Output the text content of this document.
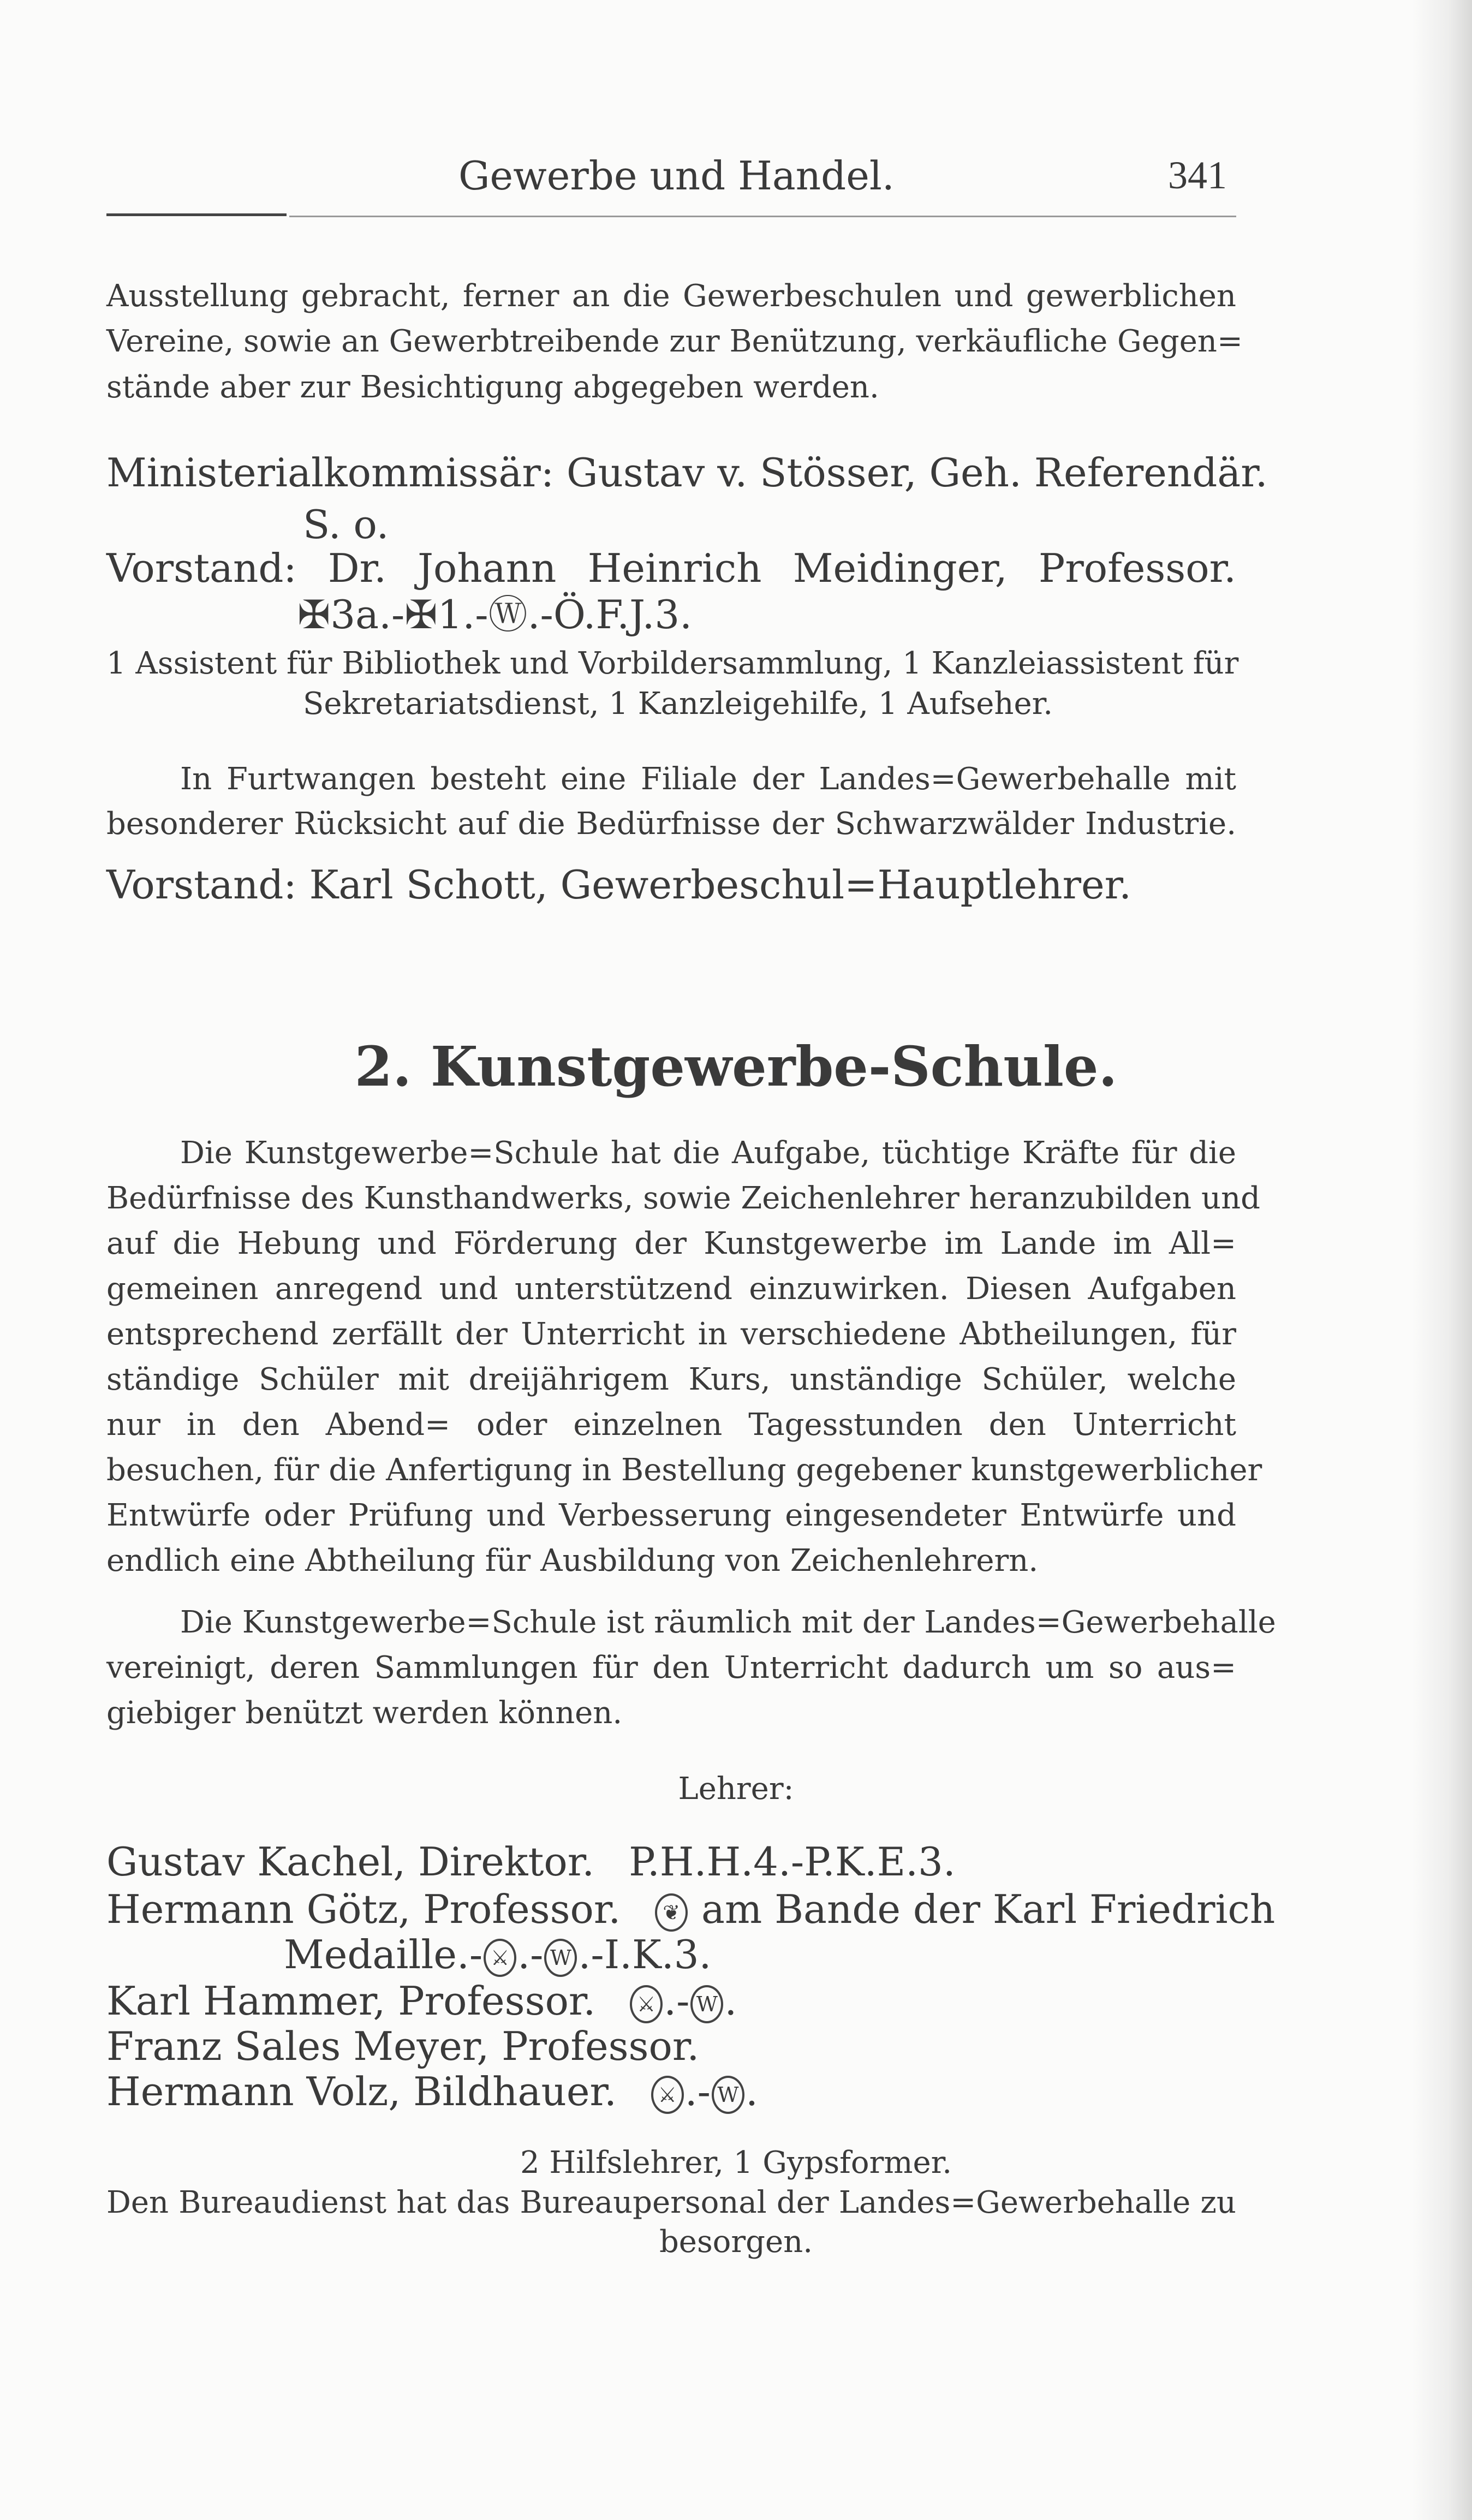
Gewerbe und Handel.	341
Ausstellung gebracht, ferner an die Gewerbeschulen und gewerblichen
Vereine, sowie an Gewerbtreibende zur Benützung, verkäufliche Gegen=
stände aber zur Besichtigung abgegeben werden.
Ministerialkommissär: Gustav v. Stösser, Geh. Referendär.
S. o.
Vorstand: Dr. Johann Heinrich Meidinger, Professor.
✠3a.-✠1.-Ⓦ.-Ö.F.J.3.
1 Assistent für Bibliothek und Vorbildersammlung, 1 Kanzleiassistent für
Sekretariatsdienst, 1 Kanzleigehilfe, 1 Aufseher.
In Furtwangen besteht eine Filiale der Landes=Gewerbehalle mit
besonderer Rücksicht auf die Bedürfnisse der Schwarzwälder Industrie.
Vorstand: Karl Schott, Gewerbeschul=Hauptlehrer.
2. Kunstgewerbe-Schule.
Die Kunstgewerbe=Schule hat die Aufgabe, tüchtige Kräfte für die
Bedürfnisse des Kunsthandwerks, sowie Zeichenlehrer heranzubilden und
auf die Hebung und Förderung der Kunstgewerbe im Lande im All=
gemeinen anregend und unterstützend einzuwirken. Diesen Aufgaben
entsprechend zerfällt der Unterricht in verschiedene Abtheilungen, für
ständige Schüler mit dreijährigem Kurs, unständige Schüler, welche
nur in den Abend= oder einzelnen Tagesstunden den Unterricht
besuchen, für die Anfertigung in Bestellung gegebener kunstgewerblicher
Entwürfe oder Prüfung und Verbesserung eingesendeter Entwürfe und
endlich eine Abtheilung für Ausbildung von Zeichenlehrern.
Die Kunstgewerbe=Schule ist räumlich mit der Landes=Gewerbehalle
vereinigt, deren Sammlungen für den Unterricht dadurch um so aus=
giebiger benützt werden können.
Lehrer:
Gustav Kachel, Direktor. P.H.H.4.-P.K.E.3.
Hermann Götz, Professor. ❦ am Bande der Karl Friedrich
Medaille.- ⚔ .- W .-I.K.3.
Karl Hammer, Professor. ⚔ .- W .
Franz Sales Meyer, Professor.
Hermann Volz, Bildhauer. ⚔ .- W .
2 Hilfslehrer, 1 Gypsformer.
Den Bureaudienst hat das Bureaupersonal der Landes=Gewerbehalle zu
besorgen.
